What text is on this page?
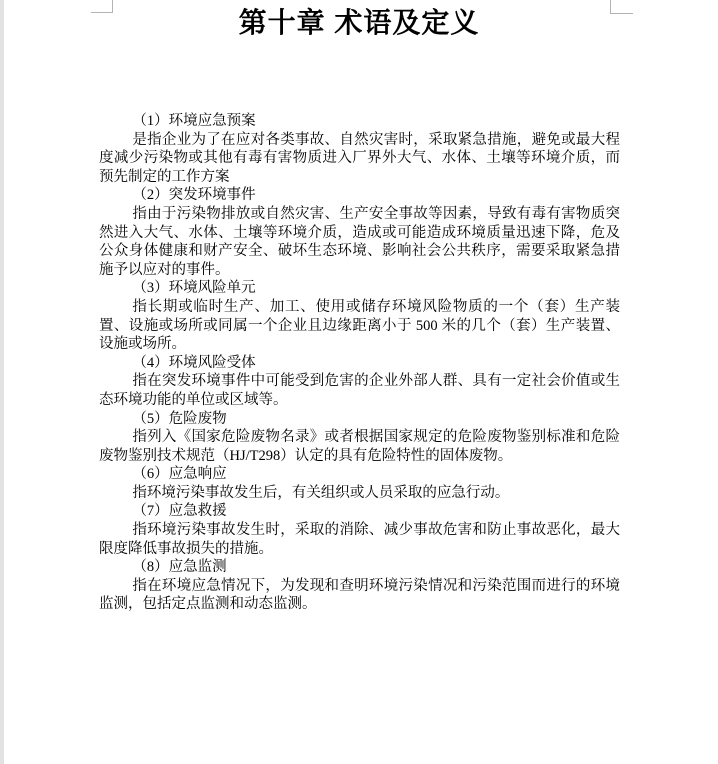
第十章 术语及定义

（1）环境应急预案

是指企业为了在应对各类事故、自然灾害时，采取紧急措施，避免或最大程度减少污染物或其他有毒有害物质进入厂界外大气、水体、土壤等环境介质，而预先制定的工作方案

（2）突发环境事件

指由于污染物排放或自然灾害、生产安全事故等因素，导致有毒有害物质突然进入大气、水体、土壤等环境介质，造成或可能造成环境质量迅速下降，危及公众身体健康和财产安全、破坏生态环境、影响社会公共秩序，需要采取紧急措施予以应对的事件。

（3）环境风险单元

指长期或临时生产、加工、使用或储存环境风险物质的一个（套）生产装置、设施或场所或同属一个企业且边缘距离小于 500 米的几个（套）生产装置、设施或场所。

（4）环境风险受体

指在突发环境事件中可能受到危害的企业外部人群、具有一定社会价值或生态环境功能的单位或区域等。

（5）危险废物

指列入《国家危险废物名录》或者根据国家规定的危险废物鉴别标准和危险废物鉴别技术规范（HJ/T298）认定的具有危险特性的固体废物。

（6）应急响应

指环境污染事故发生后，有关组织或人员采取的应急行动。

（7）应急救援

指环境污染事故发生时，采取的消除、减少事故危害和防止事故恶化，最大限度降低事故损失的措施。

（8）应急监测

指在环境应急情况下，为发现和查明环境污染情况和污染范围而进行的环境监测，包括定点监测和动态监测。
